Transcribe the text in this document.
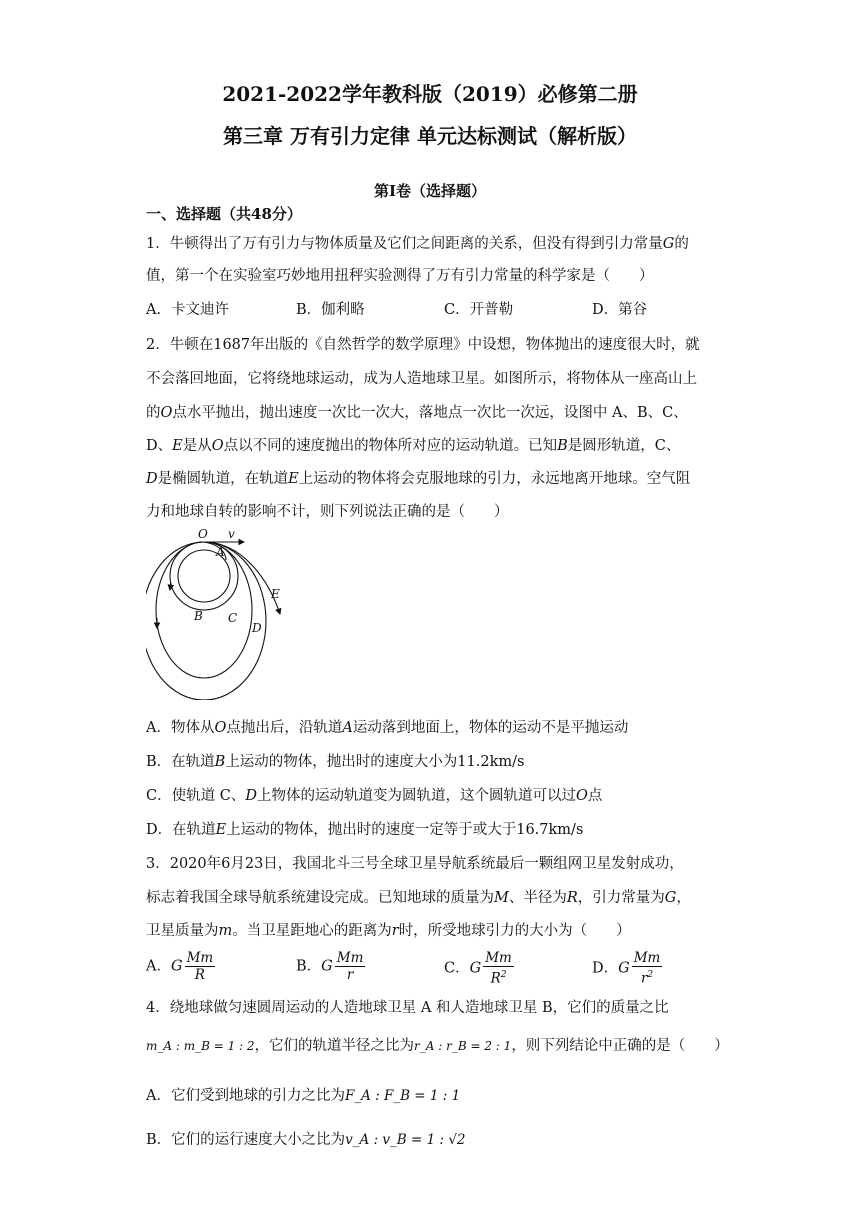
2021-2022学年教科版（2019）必修第二册
第三章 万有引力定律 单元达标测试（解析版）
第Ⅰ卷（选择题）
一、选择题（共48分）
1．牛顿得出了万有引力与物体质量及它们之间距离的关系，但没有得到引力常量G的
值，第一个在实验室巧妙地用扭秤实验测得了万有引力常量的科学家是（　　）
A．卡文迪许	B．伽利略	C．开普勒	D．第谷
2．牛顿在1687年出版的《自然哲学的数学原理》中设想，物体抛出的速度很大时，就
不会落回地面，它将绕地球运动，成为人造地球卫星。如图所示，将物体从一座高山上
的O点水平抛出，抛出速度一次比一次大，落地点一次比一次远，设图中 A、B、C、
D、E是从O点以不同的速度抛出的物体所对应的运动轨道。已知B是圆形轨道，C、
D是椭圆轨道，在轨道E上运动的物体将会克服地球的引力，永远地离开地球。空气阻
力和地球自转的影响不计，则下列说法正确的是（　　）
O v
A
B C
D
E
A．物体从O点抛出后，沿轨道A运动落到地面上，物体的运动不是平抛运动
B．在轨道B上运动的物体，抛出时的速度大小为11.2km/s
C．使轨道 C、D上物体的运动轨道变为圆轨道，这个圆轨道可以过O点
D．在轨道E上运动的物体，抛出时的速度一定等于或大于16.7km/s
3．2020年6月23日，我国北斗三号全球卫星导航系统最后一颗组网卫星发射成功，
标志着我国全球导航系统建设完成。已知地球的质量为M、半径为R，引力常量为G，
卫星质量为m。当卫星距地心的距离为r时，所受地球引力的大小为（　　）
A．G $\frac{Mm}{R}$	B．G $\frac{Mm}{r}$	C．G $\frac{Mm}{R^2}$	D．G $\frac{Mm}{r^2}$
4．绕地球做匀速圆周运动的人造地球卫星 A 和人造地球卫星 B，它们的质量之比
m_A : m_B = 1 : 2，它们的轨道半径之比为r_A : r_B = 2 : 1，则下列结论中正确的是（　　）
A．它们受到地球的引力之比为F_A : F_B = 1 : 1
B．它们的运行速度大小之比为v_A : v_B = 1 : √2
